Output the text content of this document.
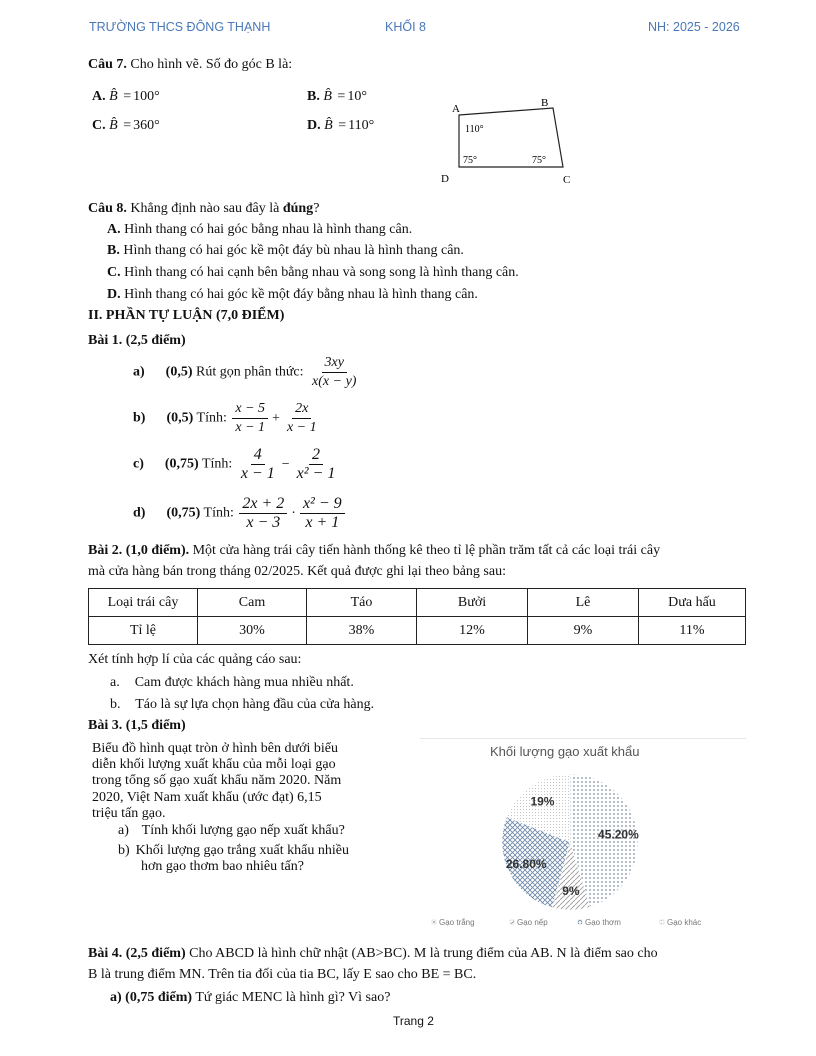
TRƯỜNG THCS ĐÔNG THẠNH	KHỐI 8	NH: 2025 - 2026
Câu 7. Cho hình vẽ. Số đo góc B là:
A. B̂ = 100°	B. B̂ = 10°
C. B̂ = 360°	D. B̂ = 110°
A	B
C
D
110°
75°	75°
Câu 8. Khẳng định nào sau đây là đúng?
A. Hình thang có hai góc bằng nhau là hình thang cân.
B. Hình thang có hai góc kề một đáy bù nhau là hình thang cân.
C. Hình thang có hai cạnh bên bằng nhau và song song là hình thang cân.
D. Hình thang có hai góc kề một đáy bằng nhau là hình thang cân.
II. PHẦN TỰ LUẬN (7,0 ĐIỂM)
Bài 1. (2,5 điểm)
a) (0,5) Rút gọn phân thức: $\frac{3xy}{x(x - y)}$
b) (0,5) Tính: $\frac{x - 5}{x - 1} + \frac{2x}{x - 1}$
c) (0,75) Tính: $\frac{4}{x - 1} - \frac{2}{\text{x² − 1}}$
d) (0,75) Tính: $\frac{2x + 2}{x - 3} \cdot \frac{\text{x² − 9}}{x + 1}$
Bài 2. (1,0 điểm). Một cửa hàng trái cây tiến hành thống kê theo tỉ lệ phần trăm tất cả các loại trái cây
mà cửa hàng bán trong tháng 02/2025. Kết quả được ghi lại theo bảng sau:
Loại trái cây	Cam	Táo	Bưởi	Lê	Dưa hấu
Tỉ lệ	30%	38%	12%	9%	11%
Xét tính hợp lí của các quảng cáo sau:
a. Cam được khách hàng mua nhiều nhất.
b. Táo là sự lựa chọn hàng đầu của cửa hàng.
Bài 3. (1,5 điểm)
Biểu đồ hình quạt tròn ở hình bên dưới biểu
diễn khối lượng xuất khẩu của mỗi loại gạo
trong tổng số gạo xuất khẩu năm 2020. Năm
2020, Việt Nam xuất khẩu (ước đạt) 6,15
triệu tấn gạo.
a) Tính khối lượng gạo nếp xuất khẩu?
b) Khối lượng gạo trắng xuất khẩu nhiều
hơn gạo thơm bao nhiêu tấn?
Khối lượng gạo xuất khẩu
45.20%
9%
26.80%
19%
Gạo trắng	Gạo nếp	Gạo thơm	Gạo khác
Bài 4. (2,5 điểm) Cho ABCD là hình chữ nhật (AB>BC). M là trung điểm của AB. N là điểm sao cho
B là trung điểm MN. Trên tia đối của tia BC, lấy E sao cho BE = BC.
a) (0,75 điểm) Tứ giác MENC là hình gì? Vì sao?
Trang 2
